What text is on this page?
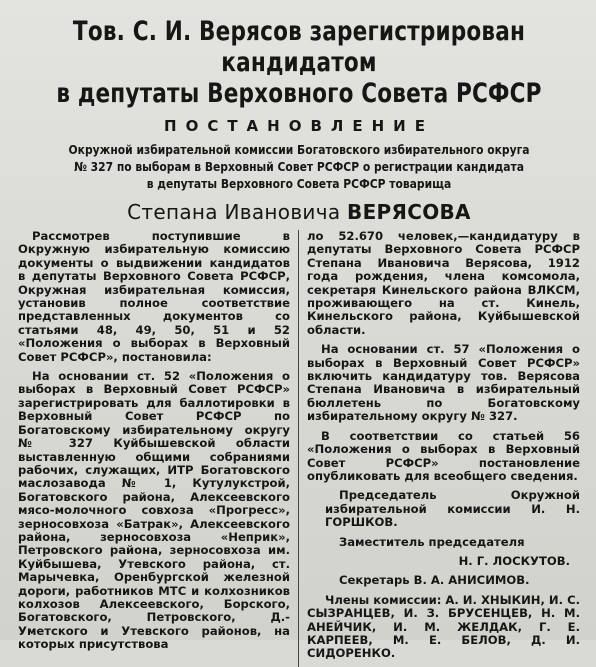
Тов. С. И. Верясов зарегистрирован кандидатом
в депутаты Верховного Совета РСФСР
ПОСТАНОВЛЕНИЕ
Окружной избирательной комиссии Богатовского избирательного округа
№ 327 по выборам в Верховный Совет РСФСР о регистрации кандидата
в депутаты Верховного Совета РСФСР товарища
Степана Ивановича ВЕРЯСОВА

Рассмотрев поступившие в Окружную избирательную комиссию документы о выдвижении кандидатов в депутаты Верховного Совета РСФСР, Окружная избирательная комиссия, установив полное соответствие представленных документов со статьями 48, 49, 50, 51 и 52 «Положения о выборах в Верховный Совет РСФСР», постановила:

На основании ст. 52 «Положения о выборах в Верховный Совет РСФСР» зарегистрировать для баллотировки в Верховный Совет РСФСР по Богатовскому избирательному округу № 327 Куйбышевской области выставленную общими собраниями рабочих, служащих, ИТР Богатовского маслозавода № 1, Кутулукстрой, Богатовского района, Алексеевского мясо-молочного совхоза «Прогресс», зерносовхоза «Батрак», Алексеевского района, зерносовхоза «Неприк», Петровского района, зерносовхоза им. Куйбышева, Утевского района, ст. Марычевка, Оренбургской железной дороги, работников МТС и колхозников колхозов Алексеевского, Борского, Богатовского, Петровского, Д.-Уметского и Утевского районов, на которых присутствова

ло 52.670 человек,—кандидатуру в депутаты Верховного Совета РСФСР Степана Ивановича Верясова, 1912 года рождения, члена комсомола, секретаря Кинельского района ВЛКСМ, проживающего на ст. Кинель, Кинельского района, Куйбышевской области.

На основании ст. 57 «Положения о выборах в Верховный Совет РСФСР» включить кандидатуру тов. Верясова Степана Ивановича в избирательный бюллетень по Богатовскому избирательному округу № 327.

В соответствии со статьей 56 «Положения о выборах в Верховный Совет РСФСР» постановление опубликовать для всеобщего сведения.

Председатель Окружной избирательной комиссии И. Н. ГОРШКОВ.

Заместитель председателя

Н. Г. ЛОСКУТОВ.

Секретарь В. А. АНИСИМОВ.

Члены комиссии: А. И. ХНЫКИН, И. С. СЫЗРАНЦЕВ, И. З. БРУСЕНЦЕВ, Н. М. АНЕЙЧИК, И. М. ЖЕЛДАК, Г. Е. КАРПЕЕВ, М. Е. БЕЛОВ, Д. И. СИДОРЕНКО.
